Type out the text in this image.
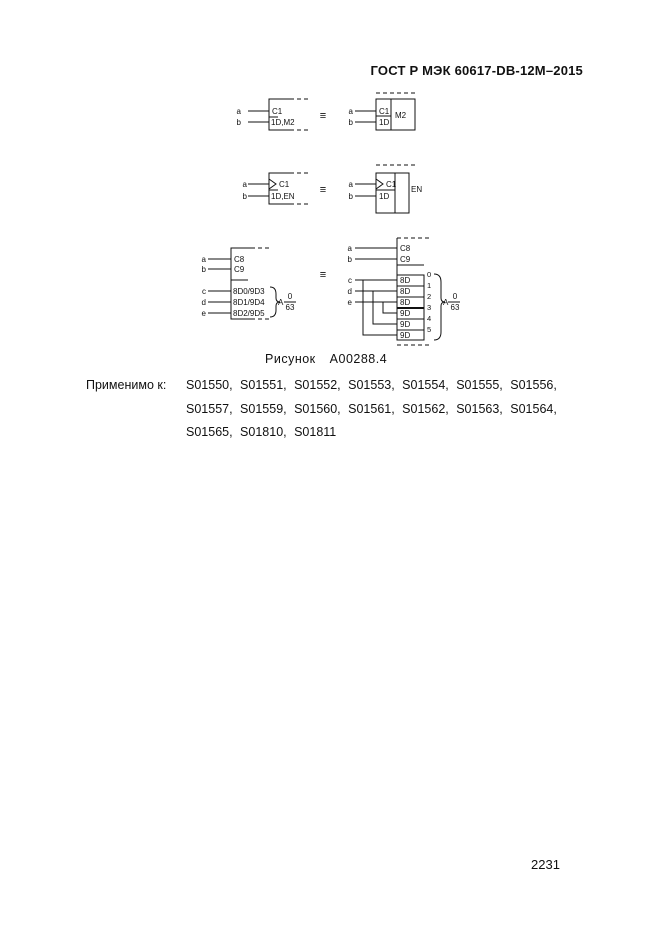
ГОСТ Р МЭК 60617-DB-12M–2015
a
b
C1
1D,M2
≡	a
b
C1
1D
M2
a
b
C1
1D,EN
≡	a
b
C1
1D
EN
a
b
c
d
e
C8
C9
8D0/9D3
8D1/9D4
8D2/9D5
A
0
63
≡
a
b
c
d
e
C8
C9
8D
8D
8D
9D
9D
9D
0
1
2
3
4
5
A
0
63
Рисунок A00288.4
Применимо к: S01550, S01551, S01552, S01553, S01554, S01555, S01556, S01557, S01559, S01560, S01561, S01562, S01563, S01564, S01565, S01810, S01811
2231
